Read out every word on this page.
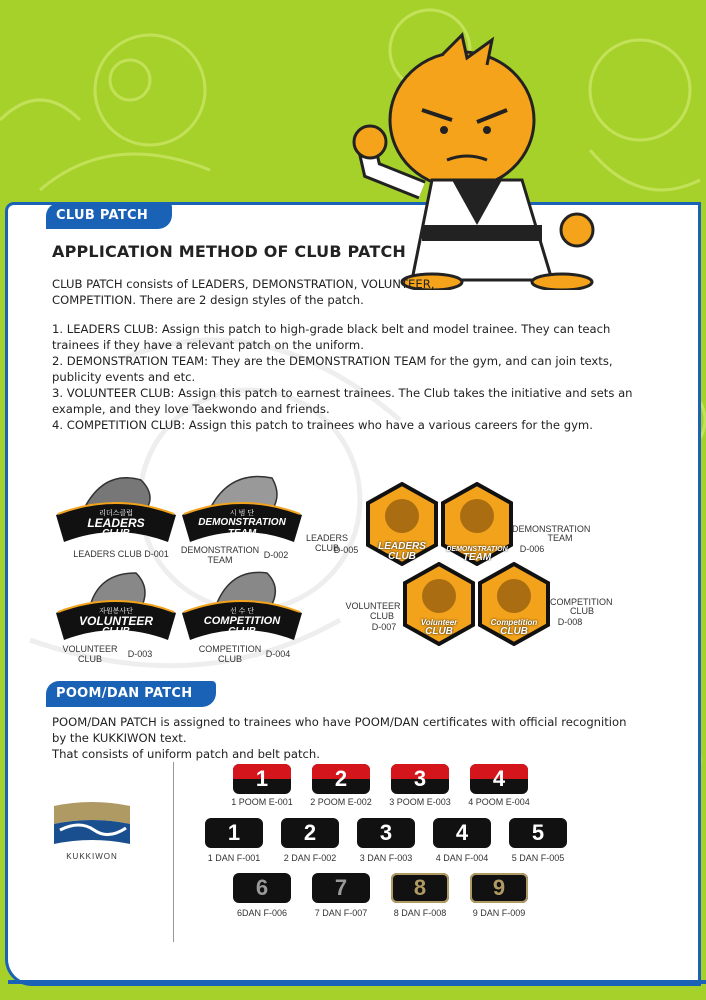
CLUB PATCH
APPLICATION METHOD OF CLUB PATCH
CLUB PATCH consists of LEADERS, DEMONSTRATION, VOLUNTEER,
COMPETITION. There are 2 design styles of the patch.
1. LEADERS CLUB: Assign this patch to high-grade black belt and model trainee. They can teach
trainees if they have a relevant patch on the uniform.
2. DEMONSTRATION TEAM: They are the DEMONSTRATION TEAM for the gym, and can join texts,
publicity events and etc.
3. VOLUNTEER CLUB: Assign this patch to earnest trainees. The Club takes the initiative and sets an
example, and they love Taekwondo and friends.
4. COMPETITION CLUB: Assign this patch to trainees who have a various careers for the gym.
리더스클럽
LEADERS
CLUB
LEADERS CLUB D-001
시 범 단
DEMONSTRATION
TEAM
DEMONSTRATION
TEAM	D-002
자원봉사단
VOLUNTEER
CLUB
VOLUNTEER
CLUB	D-003
선 수 단
COMPETITION
CLUB
COMPETITION
CLUB	D-004
LEADERS
CLUB
DEMONSTRATION
TEAM
Volunteer
CLUB
Competition
CLUB
LEADERS CLUB
D-005
DEMONSTRATION
TEAM
D-006
VOLUNTEER
CLUB
D-007
COMPETITION
CLUB
D-008
POOM/DAN PATCH
POOM/DAN PATCH is assigned to trainees who have POOM/DAN certificates with official recognition
by the KUKKIWON text.
That consists of uniform patch and belt patch.
KUKKIWON
1
1 POOM E-001
2
2 POOM E-002
3
3 POOM E-003
4
4 POOM E-004
1
1 DAN F-001
2
2 DAN F-002
3
3 DAN F-003
4
4 DAN F-004
5
5 DAN F-005
6
6DAN F-006
7
7 DAN F-007
8
8 DAN F-008
9
9 DAN F-009
